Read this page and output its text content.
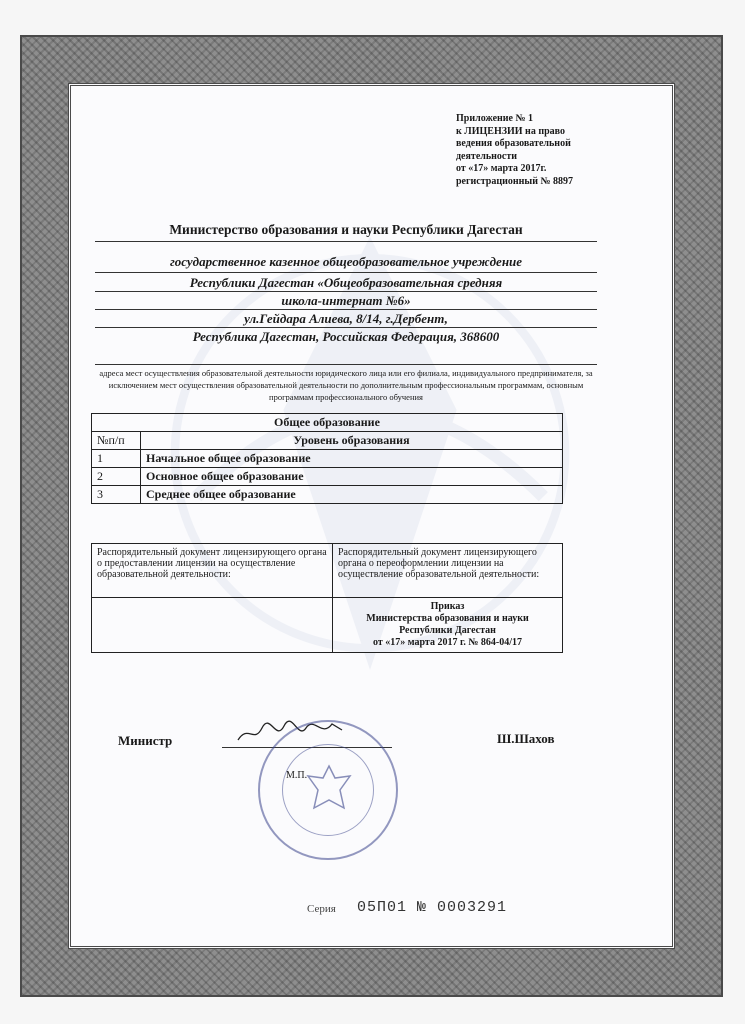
Приложение № 1
к ЛИЦЕНЗИИ на право
ведения образовательной
деятельности
от «17» марта 2017г.
регистрационный № 8897
Министерство образования и науки Республики Дагестан
государственное казенное общеобразовательное учреждение
Республики Дагестан «Общеобразовательная средняя
школа-интернат №6»
ул.Гейдара Алиева, 8/14, г.Дербент,
Республика Дагестан, Российская Федерация, 368600
адреса мест осуществления образовательной деятельности юридического лица или его филиала, индивидуального предпринимателя, за исключением мест осуществления образовательной деятельности по дополнительным профессиональным программам, основным программам профессионального обучения
Общее образование	
№п/п	Уровень образования
1	Начальное общее образование
2	Основное общее образование
3	Среднее общее образование
Распорядительный документ лицензирующего органа о предоставлении лицензии на осуществление образовательной деятельности:	Распорядительный документ лицензирующего органа о переоформлении лицензии на осуществление образовательной деятельности:

	Приказ
Министерства образования и науки
Республики Дагестан
от «17» марта 2017 г. № 864-04/17
Министр	Ш.Шахов
М.П.
Серия 05П01 № 0003291
